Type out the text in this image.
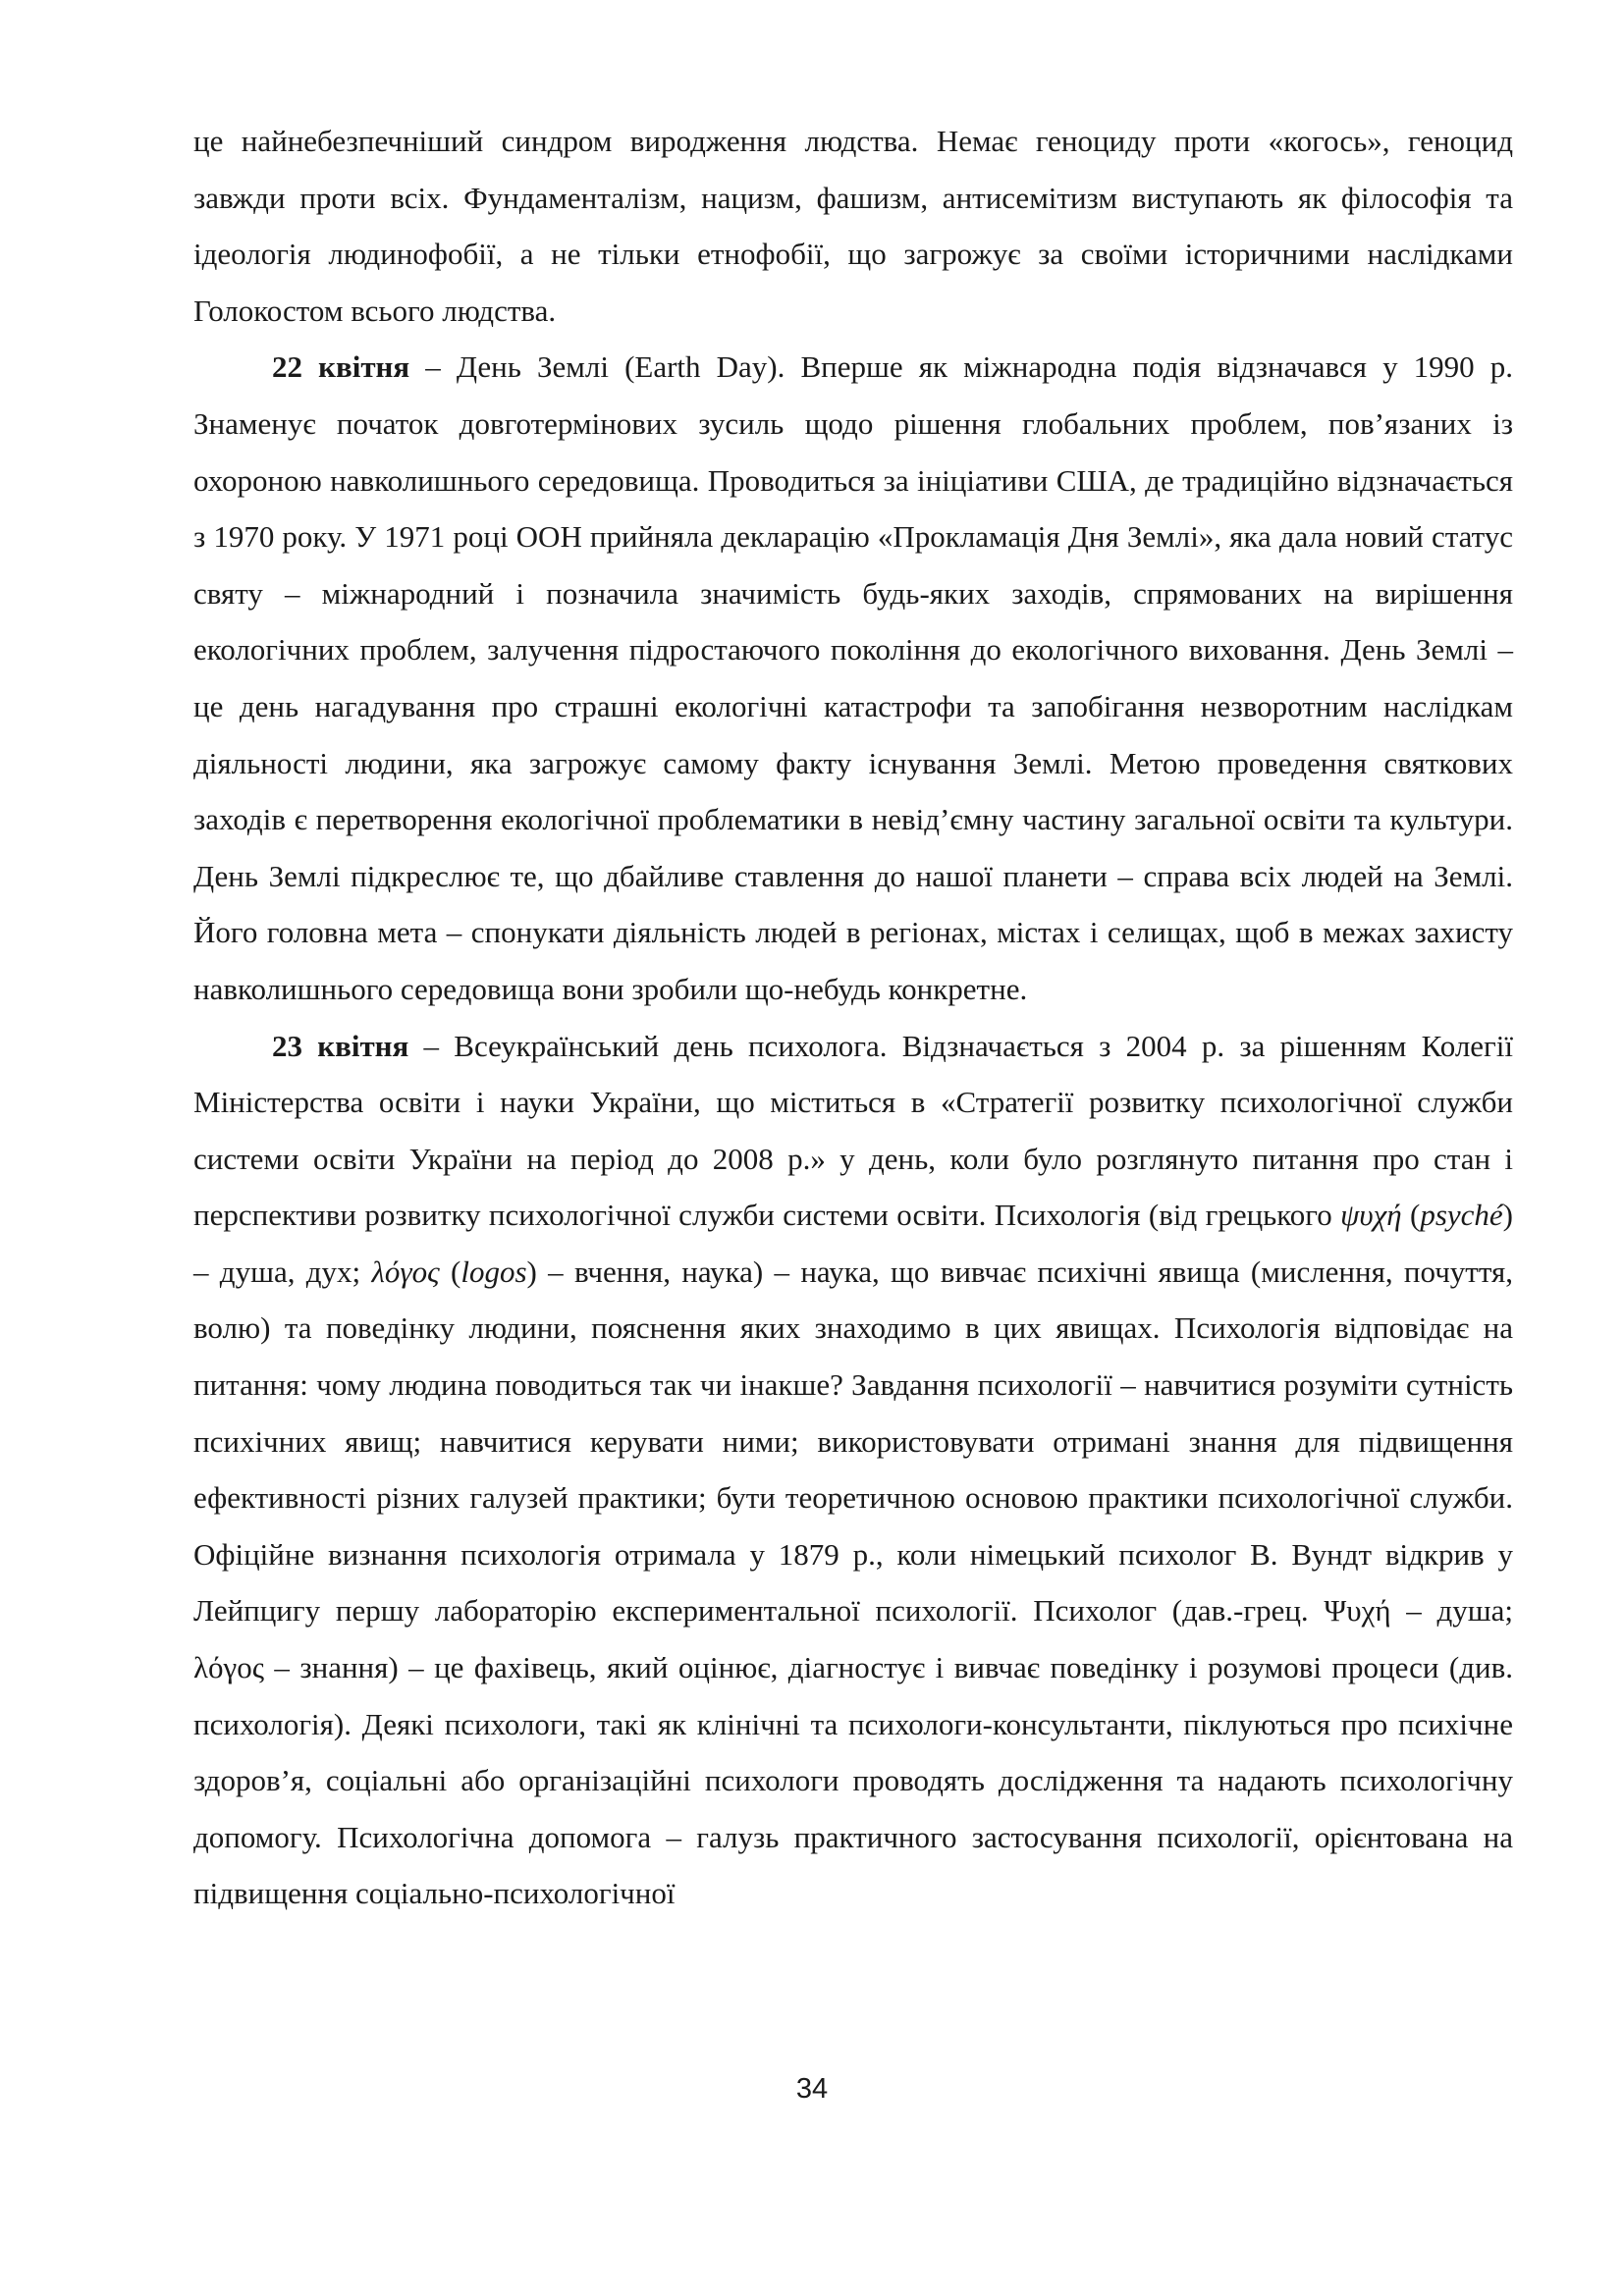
це найнебезпечніший синдром виродження людства. Немає геноциду проти «когось», геноцид завжди проти всіх. Фундаменталізм, нацизм, фашизм, антисемітизм виступають як філософія та ідеологія людинофобії, а не тільки етнофобії, що загрожує за своїми історичними наслідками Голокостом всього людства.

22 квітня – День Землі (Earth Day). Вперше як міжнародна подія відзначався у 1990 р. Знаменує початок довготермінових зусиль щодо рішення глобальних проблем, пов’язаних із охороною навколишнього середовища. Проводиться за ініціативи США, де традиційно відзначається з 1970 року. У 1971 році ООН прийняла декларацію «Прокламація Дня Землі», яка дала новий статус святу – міжнародний і позначила значимість будь-яких заходів, спрямованих на вирішення екологічних проблем, залучення підростаючого покоління до екологічного виховання. День Землі – це день нагадування про страшні екологічні катастрофи та запобігання незворотним наслідкам діяльності людини, яка загрожує самому факту існування Землі. Метою проведення святкових заходів є перетворення екологічної проблематики в невід’ємну частину загальної освіти та культури. День Землі підкреслює те, що дбайливе ставлення до нашої планети – справа всіх людей на Землі. Його головна мета – спонукати діяльність людей в регіонах, містах і селищах, щоб в межах захисту навколишнього середовища вони зробили що-небудь конкретне.

23 квітня – Всеукраїнський день психолога. Відзначається з 2004 р. за рішенням Колегії Міністерства освіти і науки України, що міститься в «Стратегії розвитку психологічної служби системи освіти України на період до 2008 р.» у день, коли було розглянуто питання про стан і перспективи розвитку психологічної служби системи освіти. Психологія (від грецького ψυχή (psyché) – душа, дух; λόγος (logos) – вчення, наука) – наука, що вивчає психічні явища (мислення, почуття, волю) та поведінку людини, пояснення яких знаходимо в цих явищах. Психологія відповідає на питання: чому людина поводиться так чи інакше? Завдання психології – навчитися розуміти сутність психічних явищ; навчитися керувати ними; використовувати отримані знання для підвищення ефективності різних галузей практики; бути теоретичною основою практики психологічної служби. Офіційне визнання психологія отримала у 1879 р., коли німецький психолог В. Вундт відкрив у Лейпцигу першу лабораторію експериментальної психології. Психолог (дав.-грец. Ψυχή – душа; λόγος – знання) – це фахівець, який оцінює, діагностує і вивчає поведінку і розумові процеси (див. психологія). Деякі психологи, такі як клінічні та психологи-консультанти, піклуються про психічне здоров’я, соціальні або організаційні психологи проводять дослідження та надають психологічну допомогу. Психологічна допомога – галузь практичного застосування психології, орієнтована на підвищення соціально-психологічної

34
